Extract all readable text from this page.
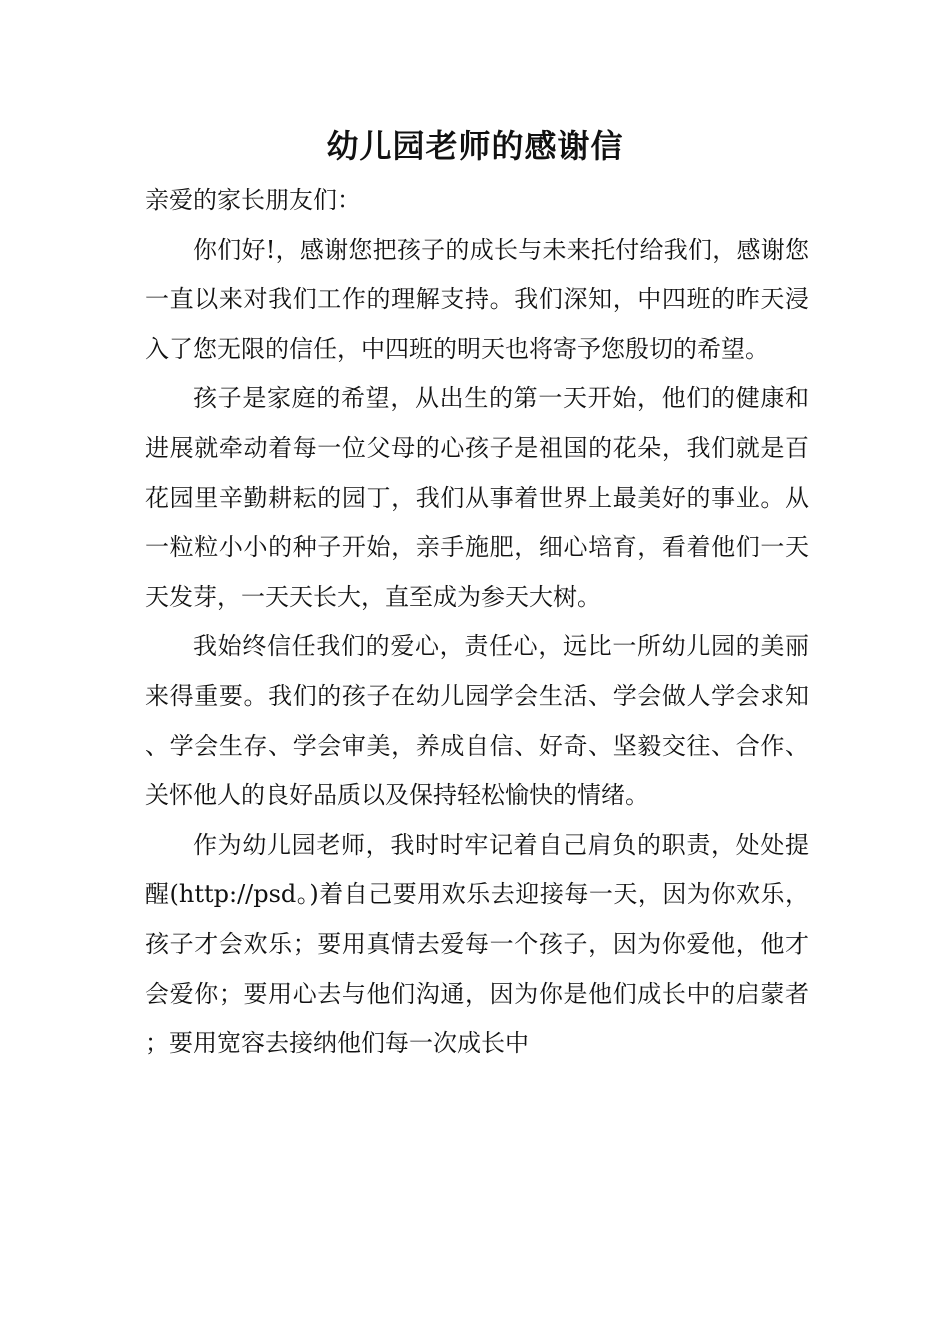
幼儿园老师的感谢信

亲爱的家长朋友们：

你们好!，感谢您把孩子的成长与未来托付给我们，感谢您一直以来对我们工作的理解支持。我们深知，中四班的昨天浸入了您无限的信任，中四班的明天也将寄予您殷切的希望。

孩子是家庭的希望，从出生的第一天开始，他们的健康和进展就牵动着每一位父母的心孩子是祖国的花朵，我们就是百花园里辛勤耕耘的园丁，我们从事着世界上最美好的事业。从一粒粒小小的种子开始，亲手施肥，细心培育，看着他们一天天发芽，一天天长大，直至成为参天大树。

我始终信任我们的爱心，责任心，远比一所幼儿园的美丽来得重要。我们的孩子在幼儿园学会生活、学会做人学会求知、学会生存、学会审美，养成自信、好奇、坚毅交往、合作、关怀他人的良好品质以及保持轻松愉快的情绪。

作为幼儿园老师，我时时牢记着自己肩负的职责，处处提醒(http://psd。)着自己要用欢乐去迎接每一天，因为你欢乐，孩子才会欢乐；要用真情去爱每一个孩子，因为你爱他，他才会爱你；要用心去与他们沟通，因为你是他们成长中的启蒙者；要用宽容去接纳他们每一次成长中
